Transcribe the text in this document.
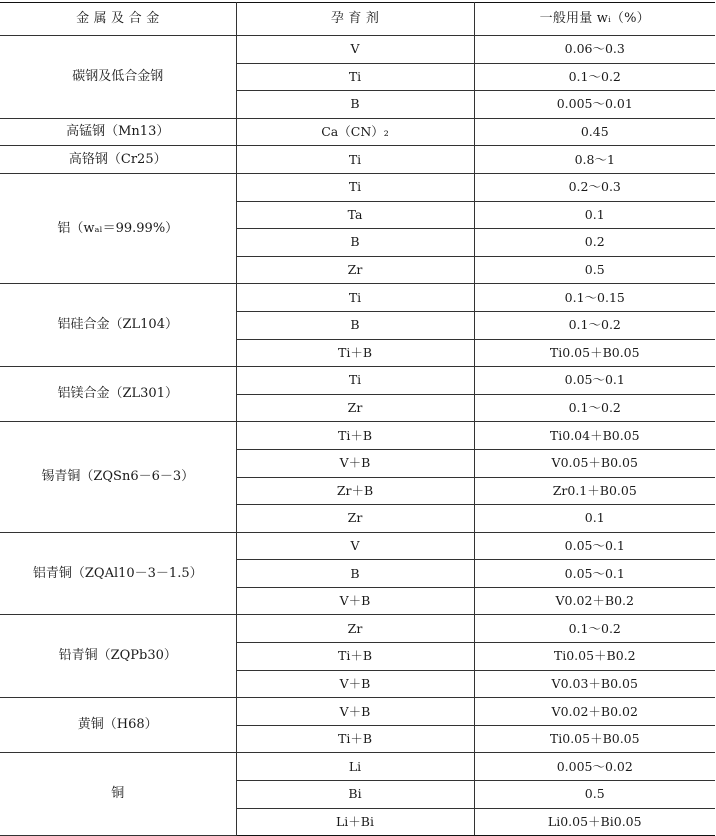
金 属 及 合 金	孕 育 剂	一般用量 wᵢ（%）
碳钢及低合金钢	V	0.06～0.3
	Ti	0.1～0.2
	B	0.005～0.01
高锰钢（Mn13）	Ca（CN）₂	0.45
高铬钢（Cr25）	Ti	0.8～1
铝（wₐₗ＝99.99%）	Ti	0.2～0.3
	Ta	0.1
	B	0.2
	Zr	0.5
铝硅合金（ZL104）	Ti	0.1～0.15
	B	0.1～0.2
	Ti＋B	Ti0.05＋B0.05
铝镁合金（ZL301）	Ti	0.05～0.1
	Zr	0.1～0.2
锡青铜（ZQSn6－6－3）	Ti＋B	Ti0.04＋B0.05
	V＋B	V0.05＋B0.05
	Zr＋B	Zr0.1＋B0.05
	Zr	0.1
铝青铜（ZQAl10－3－1.5）	V	0.05～0.1
	B	0.05～0.1
	V＋B	V0.02＋B0.2
铅青铜（ZQPb30）	Zr	0.1～0.2
	Ti＋B	Ti0.05＋B0.2
	V＋B	V0.03＋B0.05
黄铜（H68）	V＋B	V0.02＋B0.02
	Ti＋B	Ti0.05＋B0.05
铜	Li	0.005～0.02
	Bi	0.5
	Li＋Bi	Li0.05＋Bi0.05
